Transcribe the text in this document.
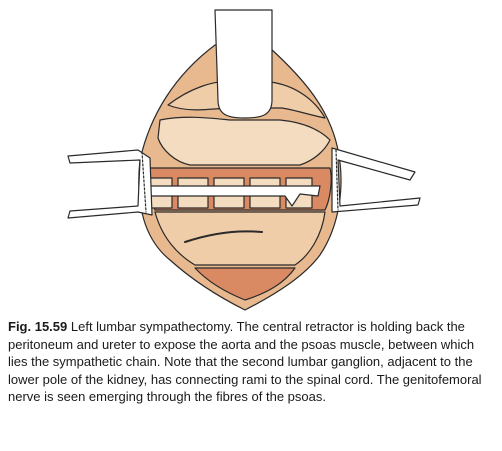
Fig. 15.59 Left lumbar sympathectomy. The central retractor is holding back the peritoneum and ureter to expose the aorta and the psoas muscle, between which lies the sympathetic chain. Note that the second lumbar ganglion, adjacent to the lower pole of the kidney, has connecting rami to the spinal cord. The genitofemoral nerve is seen emerging through the fibres of the psoas.
